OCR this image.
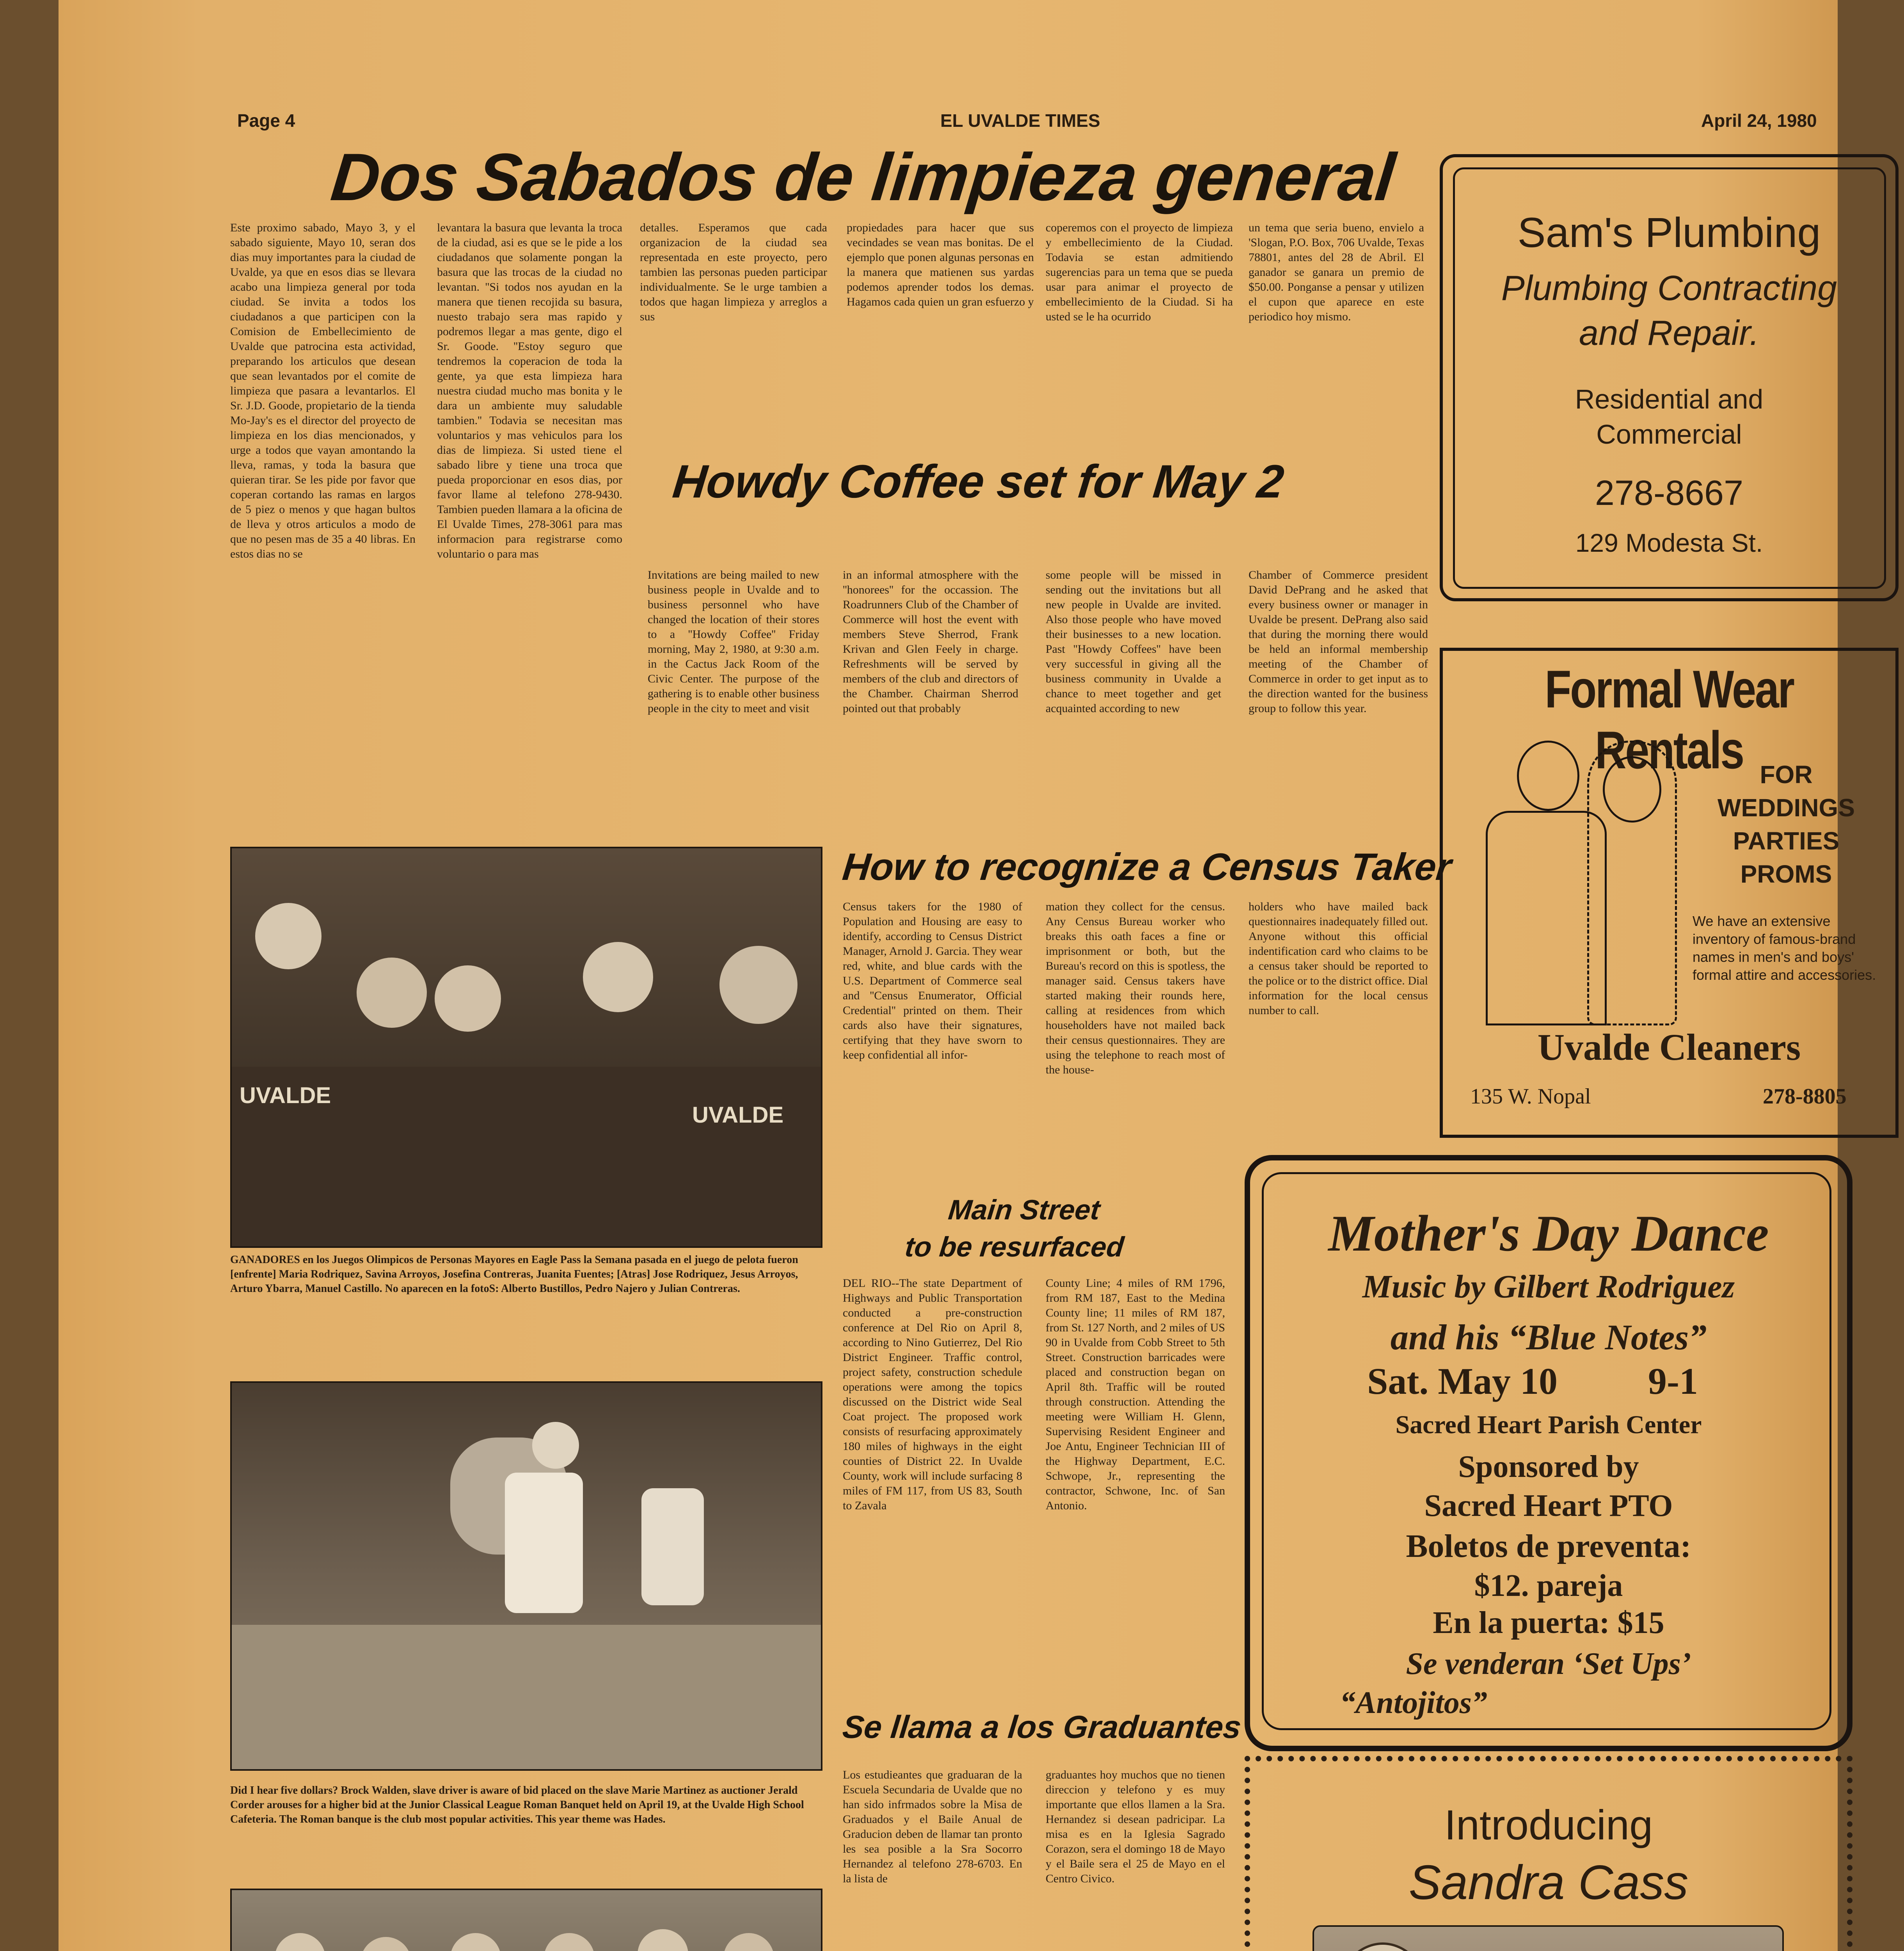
Page 4	EL UVALDE TIMES	April 24, 1980
Dos Sabados de limpieza general
Este proximo sabado, Mayo 3, y el sabado siguiente, Mayo 10, seran dos dias muy importantes para la ciudad de Uvalde, ya que en esos dias se llevara acabo una limpieza general por toda ciudad. Se invita a todos los ciudadanos a que participen con la Comision de Embellecimiento de Uvalde que patrocina esta actividad, preparando los articulos que desean que sean levantados por el comite de limpieza que pasara a levantarlos. El Sr. J.D. Goode, propietario de la tienda Mo-Jay's es el director del proyecto de limpieza en los dias mencionados, y urge a todos que vayan amontando la lleva, ramas, y toda la basura que quieran tirar. Se les pide por favor que coperan cortando las ramas en largos de 5 piez o menos y que hagan bultos de lleva y otros articulos a modo de que no pesen mas de 35 a 40 libras. En estos dias no se
levantara la basura que levanta la troca de la ciudad, asi es que se le pide a los ciudadanos que solamente pongan la basura que las trocas de la ciudad no levantan. ''Si todos nos ayudan en la manera que tienen recojida su basura, nuesto trabajo sera mas rapido y podremos llegar a mas gente, digo el Sr. Goode. ''Estoy seguro que tendremos la coperacion de toda la gente, ya que esta limpieza hara nuestra ciudad mucho mas bonita y le dara un ambiente muy saludable tambien.'' Todavia se necesitan mas voluntarios y mas vehiculos para los dias de limpieza. Si usted tiene el sabado libre y tiene una troca que pueda proporcionar en esos dias, por favor llame al telefono 278-9430. Tambien pueden llamara a la oficina de El Uvalde Times, 278-3061 para mas informacion para registrarse como voluntario o para mas
detalles. Esperamos que cada organizacion de la ciudad sea representada en este proyecto, pero tambien las personas pueden participar individualmente. Se le urge tambien a todos que hagan limpieza y arreglos a sus
propiedades para hacer que sus vecindades se vean mas bonitas. De el ejemplo que ponen algunas personas en la manera que matienen sus yardas podemos aprender todos los demas. Hagamos cada quien un gran esfuerzo y
coperemos con el proyecto de limpieza y embellecimiento de la Ciudad. Todavia se estan admitiendo sugerencias para un tema que se pueda usar para animar el proyecto de embellecimiento de la Ciudad. Si ha usted se le ha ocurrido
un tema que seria bueno, envielo a 'Slogan, P.O. Box, 706 Uvalde, Texas 78801, antes del 28 de Abril. El ganador se ganara un premio de $50.00. Ponganse a pensar y utilizen el cupon que aparece en este periodico hoy mismo.
Howdy Coffee set for May 2
Invitations are being mailed to new business people in Uvalde and to business personnel who have changed the location of their stores to a ''Howdy Coffee'' Friday morning, May 2, 1980, at 9:30 a.m. in the Cactus Jack Room of the Civic Center. The purpose of the gathering is to enable other business people in the city to meet and visit
in an informal atmosphere with the ''honorees'' for the occassion. The Roadrunners Club of the Chamber of Commerce will host the event with members Steve Sherrod, Frank Krivan and Glen Feely in charge. Refreshments will be served by members of the club and directors of the Chamber. Chairman Sherrod pointed out that probably
some people will be missed in sending out the invitations but all new people in Uvalde are invited. Also those people who have moved their businesses to a new location. Past ''Howdy Coffees'' have been very successful in giving all the business community in Uvalde a chance to meet together and get acquainted according to new
Chamber of Commerce president David DePrang and he asked that every business owner or manager in Uvalde be present. DePrang also said that during the morning there would be held an informal membership meeting of the Chamber of Commerce in order to get input as to the direction wanted for the business group to follow this year.
UVALDE
UVALDE
GANADORES en los Juegos Olimpicos de Personas Mayores en Eagle Pass la Semana pasada en el juego de pelota fueron [enfrente] Maria Rodriquez, Savina Arroyos, Josefina Contreras, Juanita Fuentes; [Atras] Jose Rodriquez, Jesus Arroyos, Arturo Ybarra, Manuel Castillo. No aparecen en la fotoS: Alberto Bustillos, Pedro Najero y Julian Contreras.
How to recognize a Census Taker
Census takers for the 1980 of Population and Housing are easy to identify, according to Census District Manager, Arnold J. Garcia. They wear red, white, and blue cards with the U.S. Department of Commerce seal and ''Census Enumerator, Official Credential'' printed on them. Their cards also have their signatures, certifying that they have sworn to keep confidential all infor-
mation they collect for the census. Any Census Bureau worker who breaks this oath faces a fine or imprisonment or both, but the Bureau's record on this is spotless, the manager said. Census takers have started making their rounds here, calling at residences from which householders have not mailed back their census questionnaires. They are using the telephone to reach most of the house-
holders who have mailed back questionnaires inadequately filled out. Anyone without this official indentification card who claims to be a census taker should be reported to the police or to the district office. Dial information for the local census number to call.
Main Street
to be resurfaced
DEL RIO--The state Department of Highways and Public Transportation conducted a pre-construction conference at Del Rio on April 8, according to Nino Gutierrez, Del Rio District Engineer. Traffic control, project safety, construction schedule operations were among the topics discussed on the District wide Seal Coat project. The proposed work consists of resurfacing approximately 180 miles of highways in the eight counties of District 22. In Uvalde County, work will include surfacing 8 miles of FM 117, from US 83, South to Zavala
County Line; 4 miles of RM 1796, from RM 187, East to the Medina County line; 11 miles of RM 187, from St. 127 North, and 2 miles of US 90 in Uvalde from Cobb Street to 5th Street. Construction barricades were placed and construction began on April 8th. Traffic will be routed through construction. Attending the meeting were William H. Glenn, Supervising Resident Engineer and Joe Antu, Engineer Technician III of the Highway Department, E.C. Schwope, Jr., representing the contractor, Schwone, Inc. of San Antonio.
Did I hear five dollars? Brock Walden, slave driver is aware of bid placed on the slave Marie Martinez as auctioner Jerald Corder arouses for a higher bid at the Junior Classical League Roman Banquet held on April 19, at the Uvalde High School Cafeteria. The Roman banque is the club most popular activities. This year theme was Hades.
Se llama a los Graduantes
Los estudieantes que graduaran de la Escuela Secundaria de Uvalde que no han sido infrmados sobre la Misa de Graduados y el Baile Anual de Graducion deben de llamar tan pronto les sea posible a la Sra Socorro Hernandez al telefono 278-6703. En la lista de
graduantes hoy muchos que no tienen direccion y telefono y es muy importante que ellos llamen a la Sra. Hernandez si desean padricipar. La misa es en la Iglesia Sagrado Corazon, sera el domingo 18 de Mayo y el Baile sera el 25 de Mayo en el Centro Civico.
Sam's Plumbing
Plumbing Contracting
and Repair.
Residential and
Commercial
278-8667
129 Modesta St.
Formal Wear Rentals FOR
WEDDINGS
PARTIES
PROMS
We have an extensive inventory of famous-brand names in men's and boys' formal attire and accessories.
Uvalde Cleaners
135 W. Nopal	278-8805
Mother's Day Dance
Music by Gilbert Rodriguez
and his “Blue Notes”
Sat. May 10 9-1
Sacred Heart Parish Center
Sponsored by
Sacred Heart PTO
Boletos de preventa:
$12. pareja
En la puerta: $15
Se venderan ‘Set Ups’
“Antojitos”
Introducing
Sandra Cass
